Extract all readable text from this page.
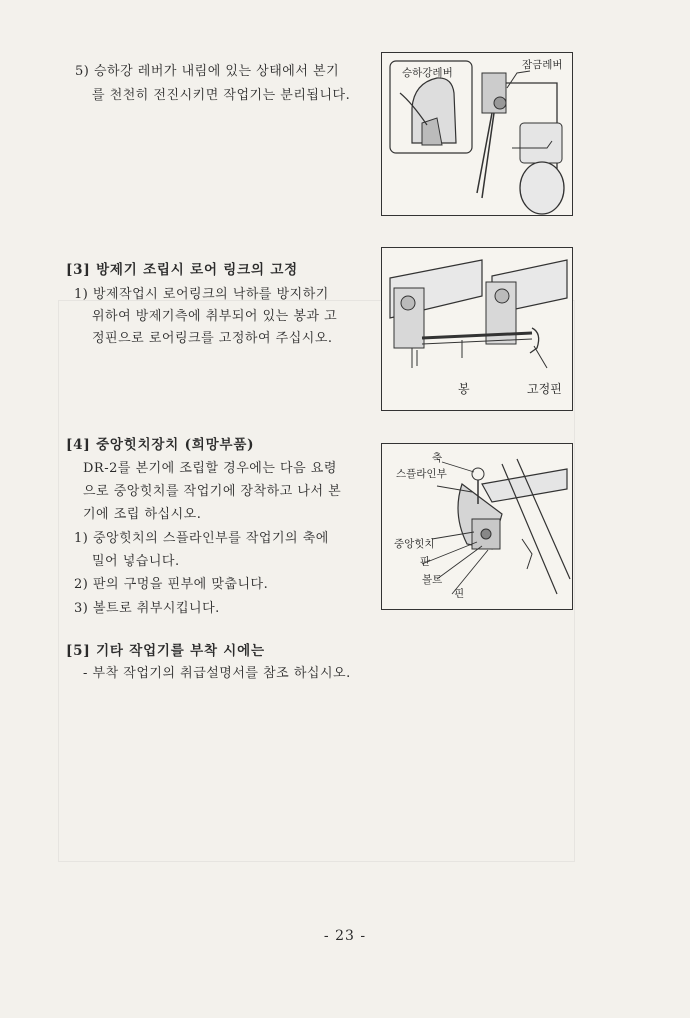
5) 승하강 레버가 내림에 있는 상태에서 본기
를 천천히 전진시키면 작업기는 분리됩니다.
승하강레버
잠금레버
[3] 방제기 조립시 로어 링크의 고정
1) 방제작업시 로어링크의 낙하를 방지하기
위하여 방제기측에 취부되어 있는 봉과 고
정핀으로 로어링크를 고정하여 주십시오.
봉	고정핀
[4] 중앙힛치장치 (희망부품)
DR-2를 본기에 조립할 경우에는 다음 요령
으로 중앙힛치를 작업기에 장착하고 나서 본
기에 조립 하십시오.
1) 중앙힛치의 스플라인부를 작업기의 축에
밀어 넣습니다.
2) 판의 구멍을 핀부에 맞춥니다.
3) 볼트로 취부시킵니다.
축
스플라인부
중앙힛치
판
볼트
핀
[5] 기타 작업기를 부착 시에는
- 부착 작업기의 취급설명서를 참조 하십시오.
- 23 -
